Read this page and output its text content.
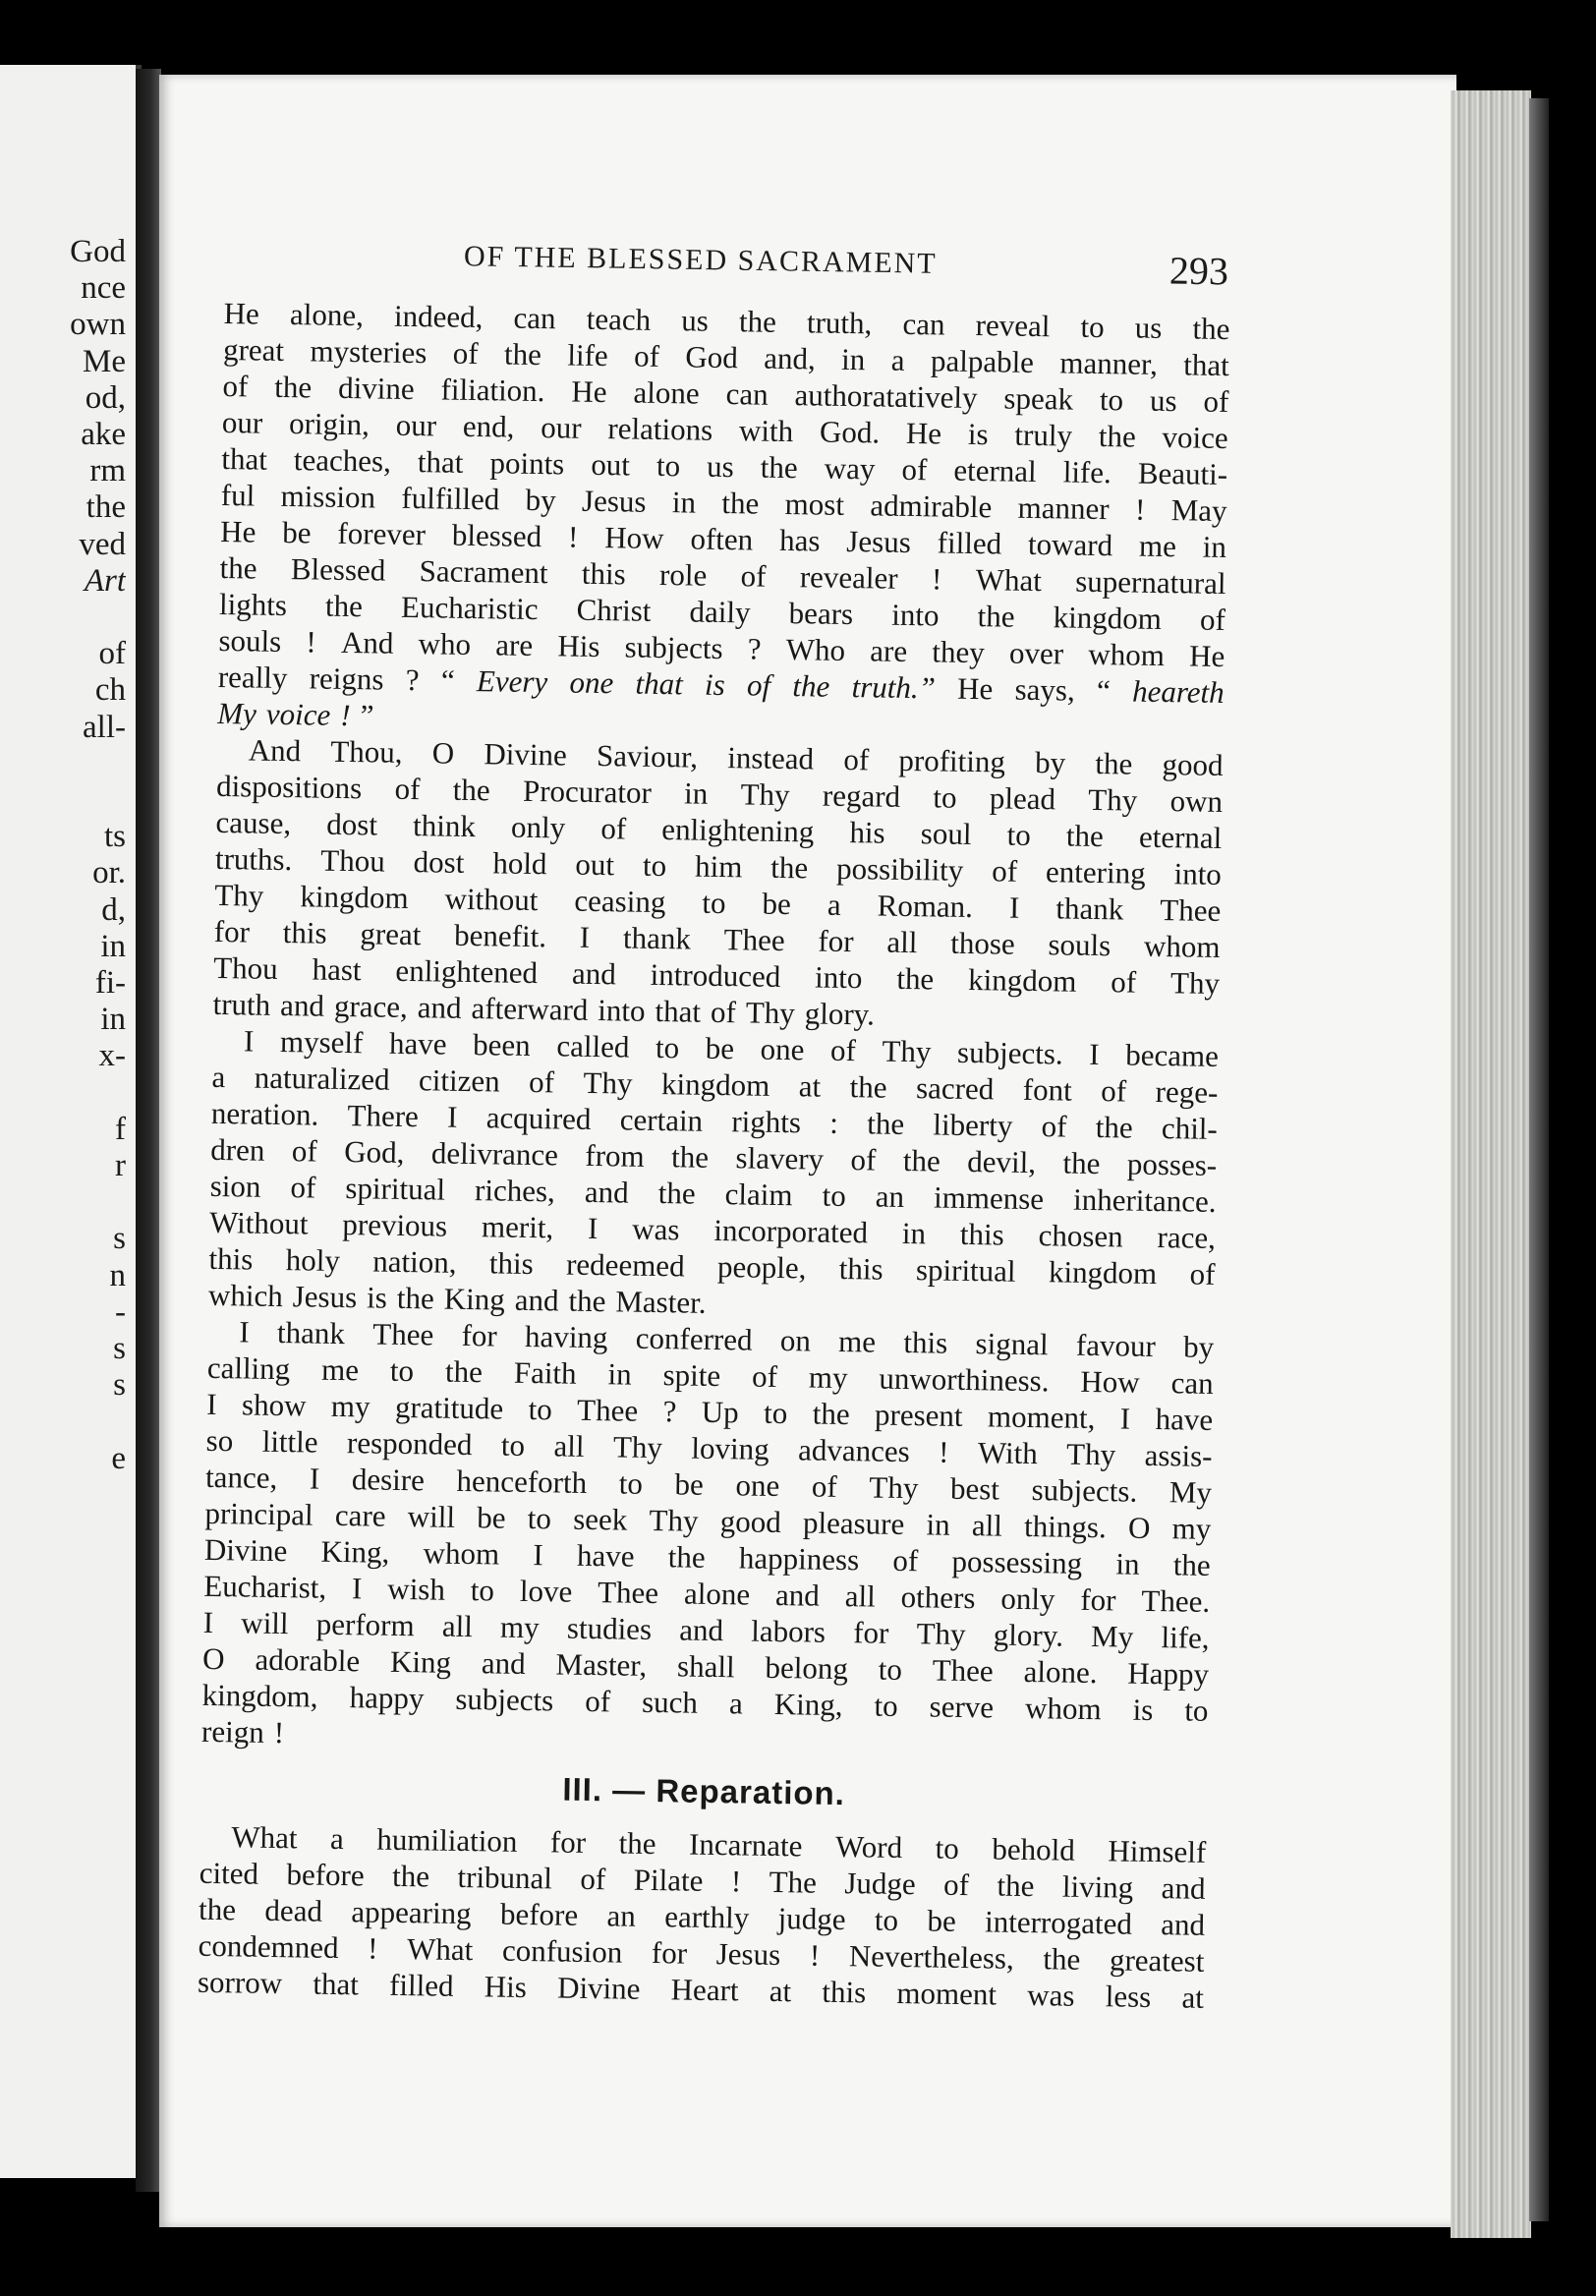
God
nce
own
Me
od,
ake
rm
the
ved
Art
of
ch
all-
ts
or.
d,
in
fi-
in
x-
f
r
s
n
-
s
s
e
OF THE BLESSED SACRAMENT	293
He alone, indeed, can teach us the truth, can reveal to us the
great mysteries of the life of God and, in a palpable manner, that
of the divine filiation. He alone can authoratatively speak to us of
our origin, our end, our relations with God. He is truly the voice
that teaches, that points out to us the way of eternal life. Beauti-
ful mission fulfilled by Jesus in the most admirable manner ! May
He be forever blessed ! How often has Jesus filled toward me in
the Blessed Sacrament this role of revealer ! What supernatural
lights the Eucharistic Christ daily bears into the kingdom of
souls ! And who are His subjects ? Who are they over whom He
really reigns ? “ Every one that is of the truth.” He says, “ heareth
My voice ! ”
And Thou, O Divine Saviour, instead of profiting by the good
dispositions of the Procurator in Thy regard to plead Thy own
cause, dost think only of enlightening his soul to the eternal
truths. Thou dost hold out to him the possibility of entering into
Thy kingdom without ceasing to be a Roman. I thank Thee
for this great benefit. I thank Thee for all those souls whom
Thou hast enlightened and introduced into the kingdom of Thy
truth and grace, and afterward into that of Thy glory.
I myself have been called to be one of Thy subjects. I became
a naturalized citizen of Thy kingdom at the sacred font of rege-
neration. There I acquired certain rights : the liberty of the chil-
dren of God, delivrance from the slavery of the devil, the posses-
sion of spiritual riches, and the claim to an immense inheritance.
Without previous merit, I was incorporated in this chosen race,
this holy nation, this redeemed people, this spiritual kingdom of
which Jesus is the King and the Master.
I thank Thee for having conferred on me this signal favour by
calling me to the Faith in spite of my unworthiness. How can
I show my gratitude to Thee ? Up to the present moment, I have
so little responded to all Thy loving advances ! With Thy assis-
tance, I desire henceforth to be one of Thy best subjects. My
principal care will be to seek Thy good pleasure in all things. O my
Divine King, whom I have the happiness of possessing in the
Eucharist, I wish to love Thee alone and all others only for Thee.
I will perform all my studies and labors for Thy glory. My life,
O adorable King and Master, shall belong to Thee alone. Happy
kingdom, happy subjects of such a King, to serve whom is to
reign !
III. — Reparation.
What a humiliation for the Incarnate Word to behold Himself
cited before the tribunal of Pilate ! The Judge of the living and
the dead appearing before an earthly judge to be interrogated and
condemned ! What confusion for Jesus ! Nevertheless, the greatest
sorrow that filled His Divine Heart at this moment was less at
